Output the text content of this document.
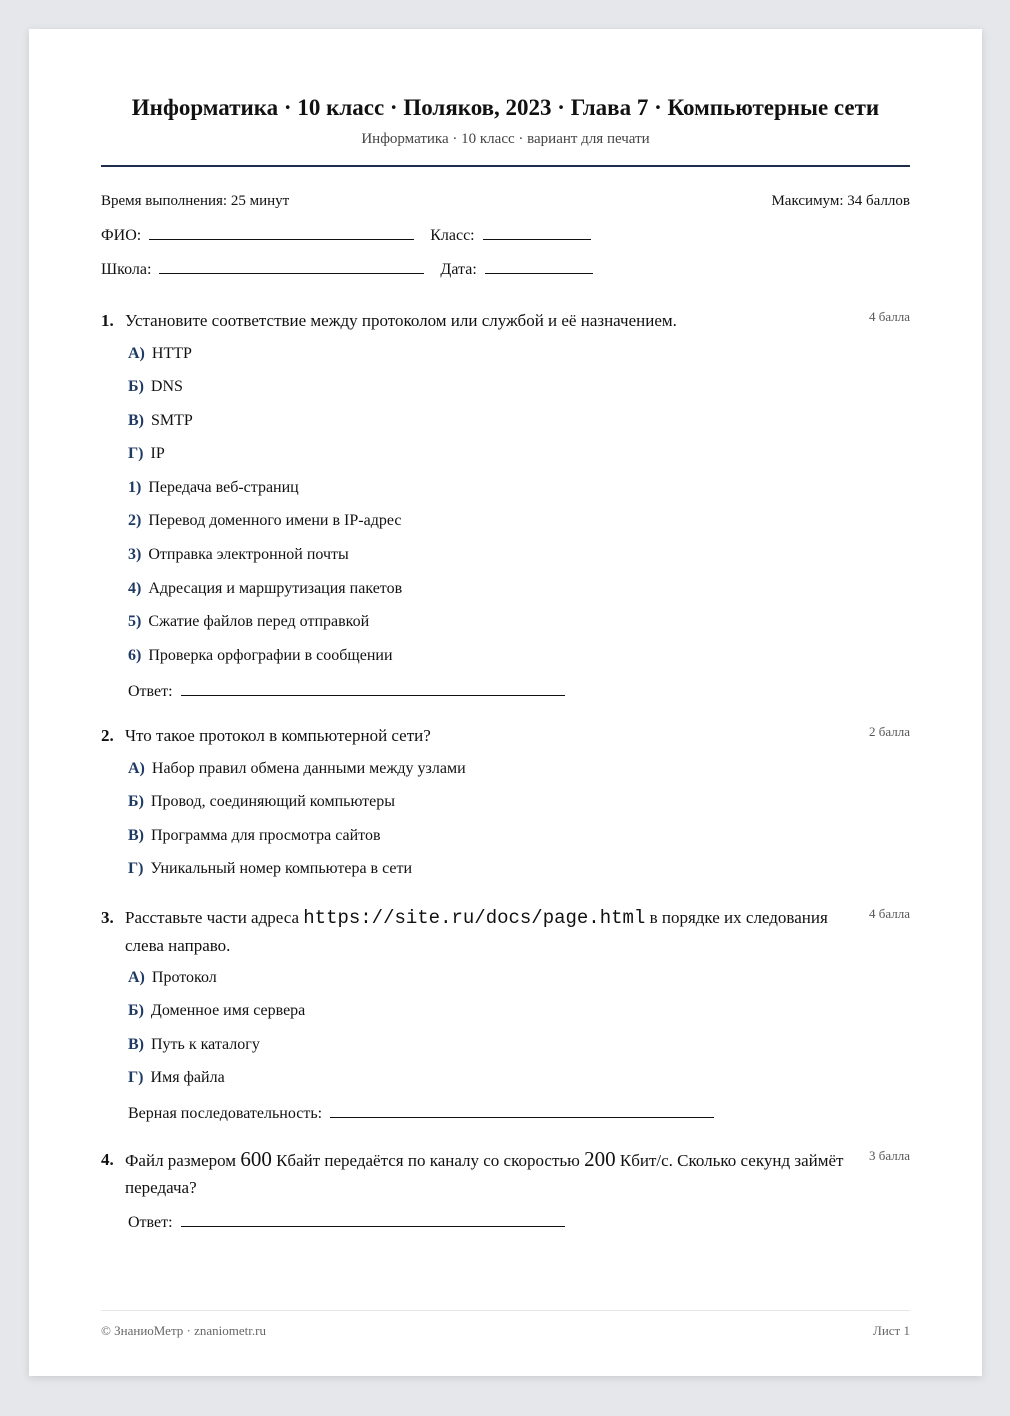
Информатика · 10 класс · Поляков, 2023 · Глава 7 · Компьютерные сети
Информатика · 10 класс · вариант для печати
Время выполнения: 25 минут	Максимум: 34 баллов
ФИО:	Класс:
Школа:	Дата:
1. Установите соответствие между протоколом или службой и её назначением.	4 балла
А) HTTP
Б) DNS
В) SMTP
Г) IP
1) Передача веб-страниц
2) Перевод доменного имени в IP-адрес
3) Отправка электронной почты
4) Адресация и маршрутизация пакетов
5) Сжатие файлов перед отправкой
6) Проверка орфографии в сообщении
Ответ:
2. Что такое протокол в компьютерной сети?	2 балла
А) Набор правил обмена данными между узлами
Б) Провод, соединяющий компьютеры
В) Программа для просмотра сайтов
Г) Уникальный номер компьютера в сети
3. Расставьте части адреса https://site.ru/docs/page.html в порядке их следования слева направо.
4 балла
А) Протокол
Б) Доменное имя сервера
В) Путь к каталогу
Г) Имя файла
Верная последовательность:
4. Файл размером 600 Кбайт передаётся по каналу со скоростью 200 Кбит/с. Сколько секунд займёт передача?
3 балла
Ответ:
© ЗнаниоМетр · znaniometr.ru	Лист 1
